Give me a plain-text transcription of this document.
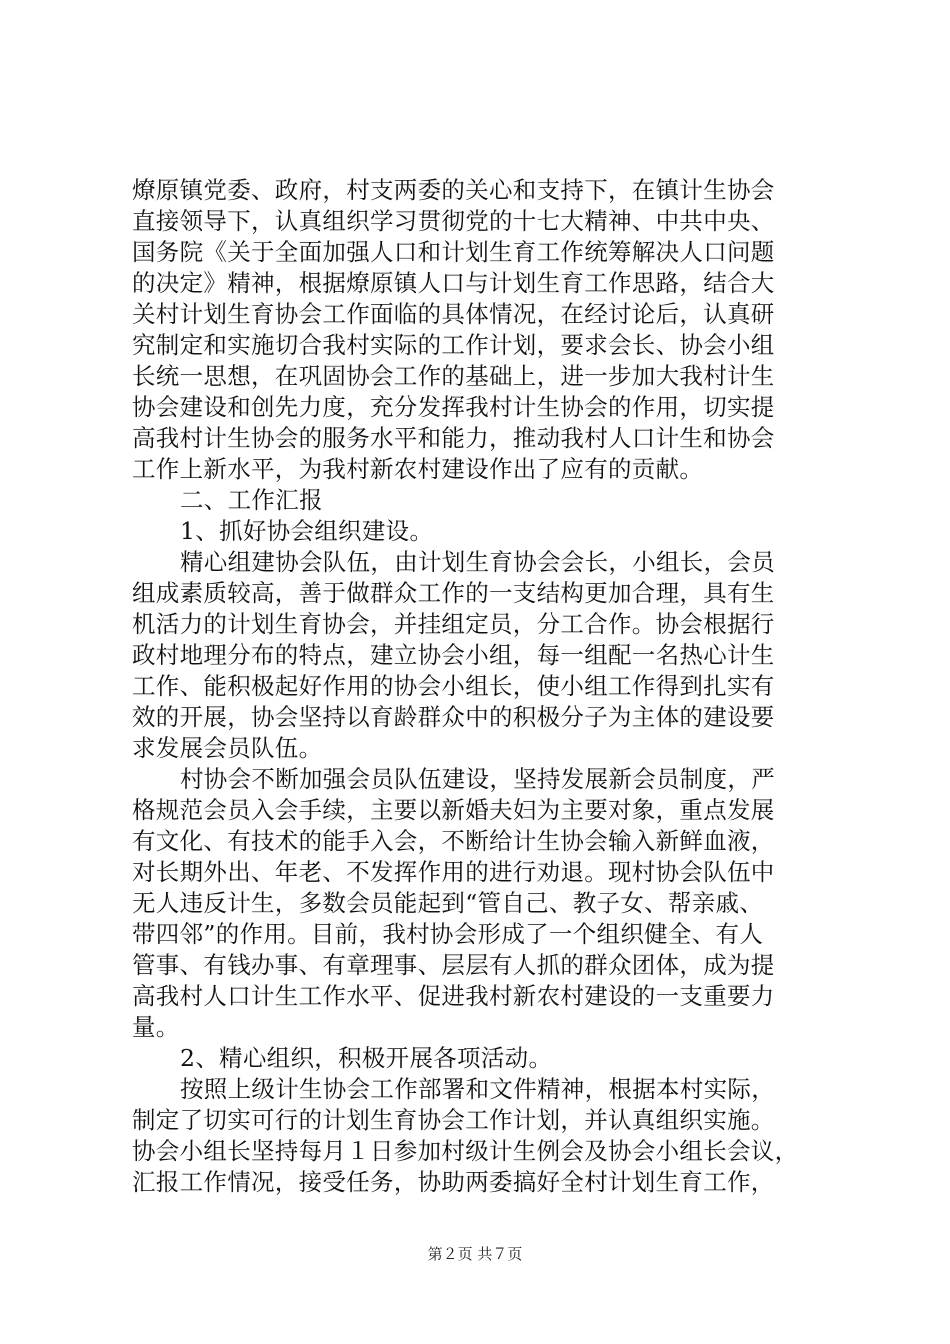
燎原镇党委、政府，村支两委的关心和支持下，在镇计生协会
直接领导下，认真组织学习贯彻党的十七大精神、中共中央、
国务院《关于全面加强人口和计划生育工作统筹解决人口问题
的决定》精神，根据燎原镇人口与计划生育工作思路，结合大
关村计划生育协会工作面临的具体情况，在经讨论后，认真研
究制定和实施切合我村实际的工作计划，要求会长、协会小组
长统一思想，在巩固协会工作的基础上，进一步加大我村计生
协会建设和创先力度，充分发挥我村计生协会的作用，切实提
高我村计生协会的服务水平和能力，推动我村人口计生和协会
工作上新水平，为我村新农村建设作出了应有的贡献。
二、工作汇报
1、抓好协会组织建设。
精心组建协会队伍，由计划生育协会会长，小组长，会员
组成素质较高，善于做群众工作的一支结构更加合理，具有生
机活力的计划生育协会，并挂组定员，分工合作。协会根据行
政村地理分布的特点，建立协会小组，每一组配一名热心计生
工作、能积极起好作用的协会小组长，使小组工作得到扎实有
效的开展，协会坚持以育龄群众中的积极分子为主体的建设要
求发展会员队伍。
村协会不断加强会员队伍建设，坚持发展新会员制度，严
格规范会员入会手续，主要以新婚夫妇为主要对象，重点发展
有文化、有技术的能手入会，不断给计生协会输入新鲜血液，
对长期外出、年老、不发挥作用的进行劝退。现村协会队伍中
无人违反计生，多数会员能起到“管自己、教子女、帮亲戚、
带四邻”的作用。目前，我村协会形成了一个组织健全、有人
管事、有钱办事、有章理事、层层有人抓的群众团体，成为提
高我村人口计生工作水平、促进我村新农村建设的一支重要力
量。
2、精心组织，积极开展各项活动。
按照上级计生协会工作部署和文件精神，根据本村实际，
制定了切实可行的计划生育协会工作计划，并认真组织实施。
协会小组长坚持每月１日参加村级计生例会及协会小组长会议，
汇报工作情况，接受任务，协助两委搞好全村计划生育工作，
第２页 共７页
